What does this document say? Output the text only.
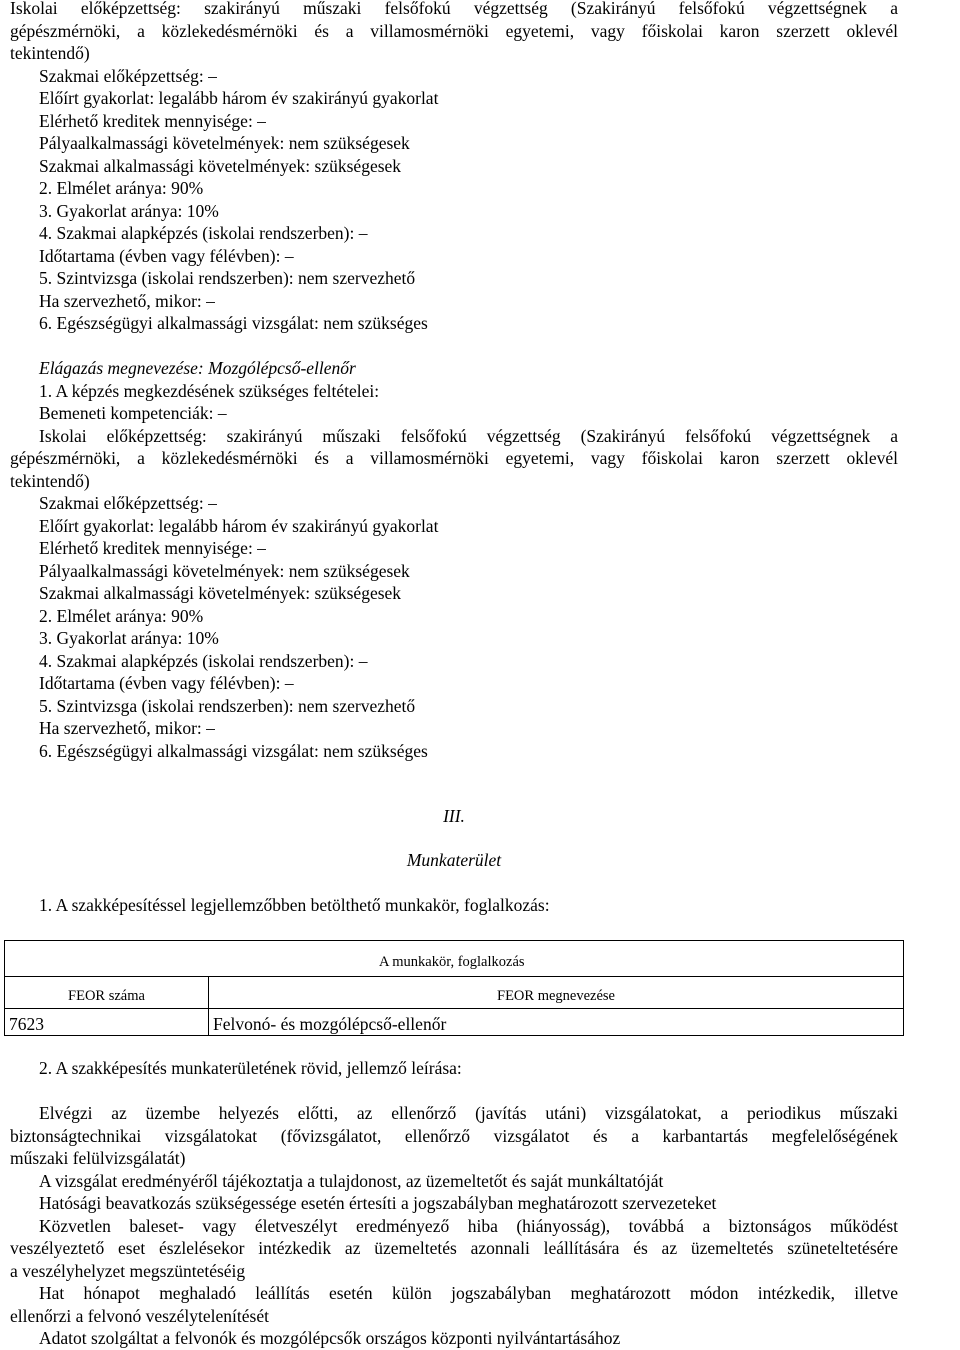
Iskolai előképzettség: szakirányú műszaki felsőfokú végzettség (Szakirányú felsőfokú végzettségnek a
gépészmérnöki, a közlekedésmérnöki és a villamosmérnöki egyetemi, vagy főiskolai karon szerzett oklevél
tekintendő)
Szakmai előképzettség: –
Előírt gyakorlat: legalább három év szakirányú gyakorlat
Elérhető kreditek mennyisége: –
Pályaalkalmassági követelmények: nem szükségesek
Szakmai alkalmassági követelmények: szükségesek
2. Elmélet aránya: 90%
3. Gyakorlat aránya: 10%
4. Szakmai alapképzés (iskolai rendszerben): –
Időtartama (évben vagy félévben): –
5. Szintvizsga (iskolai rendszerben): nem szervezhető
Ha szervezhető, mikor: –
6. Egészségügyi alkalmassági vizsgálat: nem szükséges
Elágazás megnevezése: Mozgólépcső-ellenőr
1. A képzés megkezdésének szükséges feltételei:
Bemeneti kompetenciák: –
Iskolai előképzettség: szakirányú műszaki felsőfokú végzettség (Szakirányú felsőfokú végzettségnek a
gépészmérnöki, a közlekedésmérnöki és a villamosmérnöki egyetemi, vagy főiskolai karon szerzett oklevél
tekintendő)
Szakmai előképzettség: –
Előírt gyakorlat: legalább három év szakirányú gyakorlat
Elérhető kreditek mennyisége: –
Pályaalkalmassági követelmények: nem szükségesek
Szakmai alkalmassági követelmények: szükségesek
2. Elmélet aránya: 90%
3. Gyakorlat aránya: 10%
4. Szakmai alapképzés (iskolai rendszerben): –
Időtartama (évben vagy félévben): –
5. Szintvizsga (iskolai rendszerben): nem szervezhető
Ha szervezhető, mikor: –
6. Egészségügyi alkalmassági vizsgálat: nem szükséges
III.
Munkaterület
1. A szakképesítéssel legjellemzőbben betölthető munkakör, foglalkozás:
	A munkakör, foglalkozás
FEOR száma	FEOR megnevezése
7623	Felvonó- és mozgólépcső-ellenőr
2. A szakképesítés munkaterületének rövid, jellemző leírása:
Elvégzi az üzembe helyezés előtti, az ellenőrző (javítás utáni) vizsgálatokat, a periodikus műszaki
biztonságtechnikai vizsgálatokat (fővizsgálatot, ellenőrző vizsgálatot és a karbantartás megfelelőségének
műszaki felülvizsgálatát)
A vizsgálat eredményéről tájékoztatja a tulajdonost, az üzemeltetőt és saját munkáltatóját
Hatósági beavatkozás szükségessége esetén értesíti a jogszabályban meghatározott szervezeteket
Közvetlen baleset- vagy életveszélyt eredményező hiba (hiányosság), továbbá a biztonságos működést
veszélyeztető eset észlelésekor intézkedik az üzemeltetés azonnali leállítására és az üzemeltetés szüneteltetésére
a veszélyhelyzet megszüntetéséig
Hat hónapot meghaladó leállítás esetén külön jogszabályban meghatározott módon intézkedik, illetve
ellenőrzi a felvonó veszélytelenítését
Adatot szolgáltat a felvonók és mozgólépcsők országos központi nyilvántartásához
